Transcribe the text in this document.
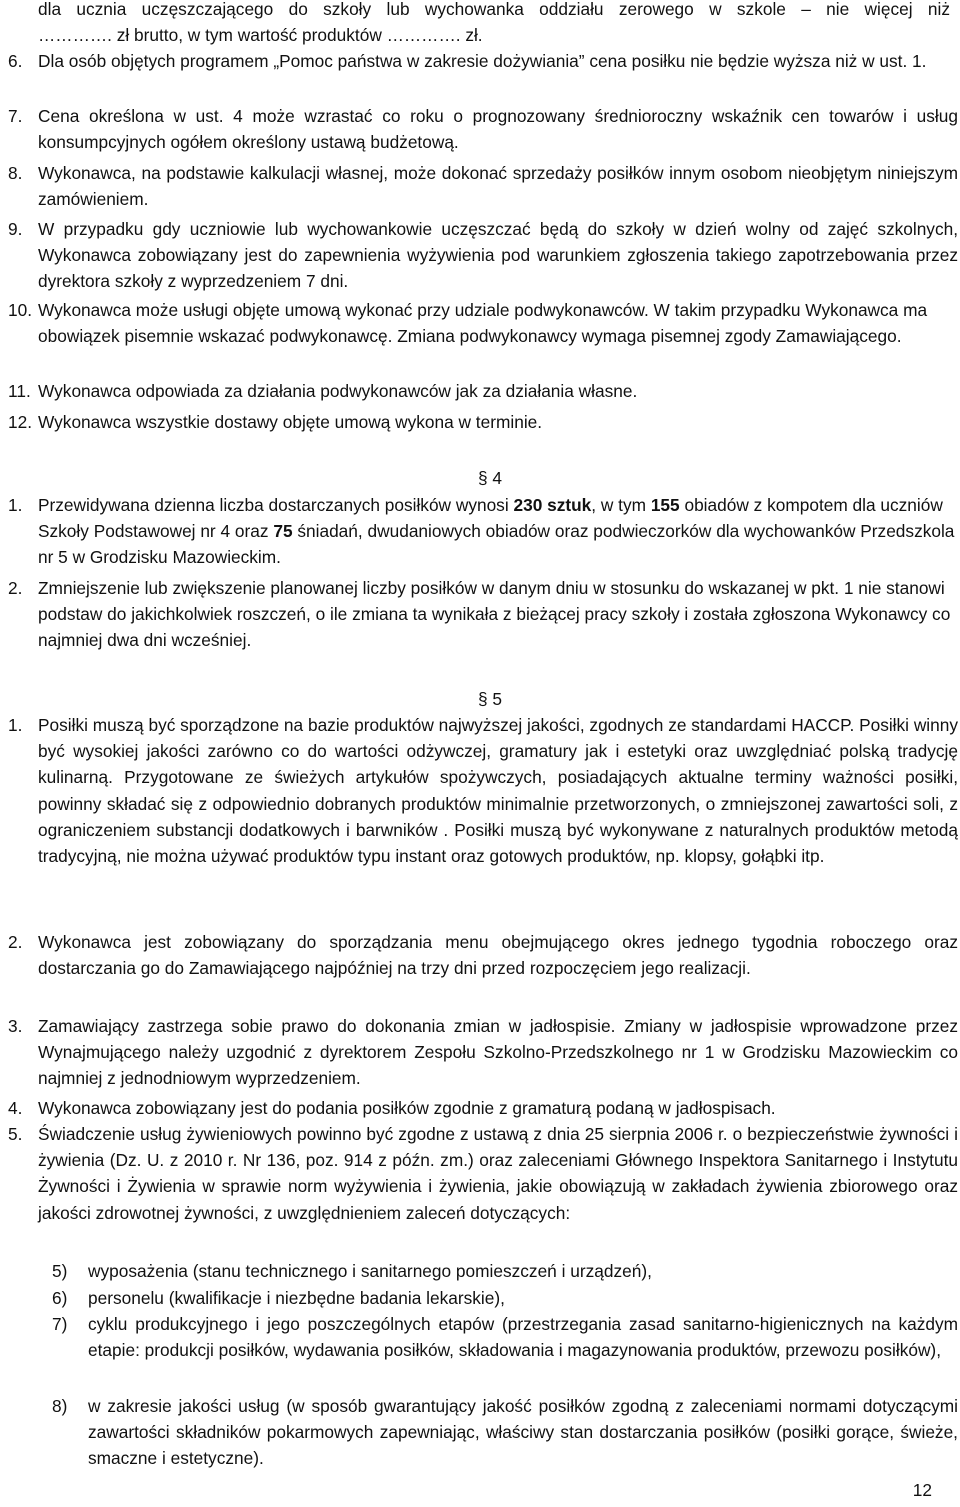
dla ucznia uczęszczającego do szkoły lub wychowanka oddziału zerowego w szkole – nie więcej niż
…………. zł brutto, w tym wartość produktów …………. zł.
6. Dla osób objętych programem „Pomoc państwa w zakresie dożywiania” cena posiłku nie będzie wyższa niż w ust. 1.
7. Cena określona w ust. 4 może wzrastać co roku o prognozowany średnioroczny wskaźnik cen towarów i usług konsumpcyjnych ogółem określony ustawą budżetową.
8. Wykonawca, na podstawie kalkulacji własnej, może dokonać sprzedaży posiłków innym osobom nieobjętym niniejszym zamówieniem.
9. W przypadku gdy uczniowie lub wychowankowie uczęszczać będą do szkoły w dzień wolny od zajęć szkolnych, Wykonawca zobowiązany jest do zapewnienia wyżywienia pod warunkiem zgłoszenia takiego zapotrzebowania przez dyrektora szkoły z wyprzedzeniem 7 dni.
10. Wykonawca może usługi objęte umową wykonać przy udziale podwykonawców. W takim przypadku Wykonawca ma obowiązek pisemnie wskazać podwykonawcę. Zmiana podwykonawcy wymaga pisemnej zgody Zamawiającego.
11. Wykonawca odpowiada za działania podwykonawców jak za działania własne.
12. Wykonawca wszystkie dostawy objęte umową wykona w terminie.
§ 4
1. Przewidywana dzienna liczba dostarczanych posiłków wynosi 230 sztuk, w tym 155 obiadów z kompotem dla uczniów Szkoły Podstawowej nr 4 oraz 75 śniadań, dwudaniowych obiadów oraz podwieczorków dla wychowanków Przedszkola nr 5 w Grodzisku Mazowieckim.
2. Zmniejszenie lub zwiększenie planowanej liczby posiłków w danym dniu w stosunku do wskazanej w pkt. 1 nie stanowi podstaw do jakichkolwiek roszczeń, o ile zmiana ta wynikała z bieżącej pracy szkoły i została zgłoszona Wykonawcy co najmniej dwa dni wcześniej.
§ 5
1. Posiłki muszą być sporządzone na bazie produktów najwyższej jakości, zgodnych ze standardami HACCP. Posiłki winny być wysokiej jakości zarówno co do wartości odżywczej, gramatury jak i estetyki oraz uwzględniać polską tradycję kulinarną. Przygotowane ze świeżych artykułów spożywczych, posiadających aktualne terminy ważności posiłki, powinny składać się z odpowiednio dobranych produktów minimalnie przetworzonych, o zmniejszonej zawartości soli, z ograniczeniem substancji dodatkowych i barwników . Posiłki muszą być wykonywane z naturalnych produktów metodą tradycyjną, nie można używać produktów typu instant oraz gotowych produktów, np. klopsy, gołąbki itp.
2. Wykonawca jest zobowiązany do sporządzania menu obejmującego okres jednego tygodnia roboczego oraz dostarczania go do Zamawiającego najpóźniej na trzy dni przed rozpoczęciem jego realizacji.
3. Zamawiający zastrzega sobie prawo do dokonania zmian w jadłospisie. Zmiany w jadłospisie wprowadzone przez Wynajmującego należy uzgodnić z dyrektorem Zespołu Szkolno-Przedszkolnego nr 1 w Grodzisku Mazowieckim co najmniej z jednodniowym wyprzedzeniem.
4. Wykonawca zobowiązany jest do podania posiłków zgodnie z gramaturą podaną w jadłospisach.
5. Świadczenie usług żywieniowych powinno być zgodne z ustawą z dnia 25 sierpnia 2006 r. o bezpieczeństwie żywności i żywienia (Dz. U. z 2010 r. Nr 136, poz. 914 z późn. zm.) oraz zaleceniami Głównego Inspektora Sanitarnego i Instytutu Żywności i Żywienia w sprawie norm wyżywienia i żywienia, jakie obowiązują w zakładach żywienia zbiorowego oraz jakości zdrowotnej żywności, z uwzględnieniem zaleceń dotyczących:
5) wyposażenia (stanu technicznego i sanitarnego pomieszczeń i urządzeń),
6) personelu (kwalifikacje i niezbędne badania lekarskie),
7) cyklu produkcyjnego i jego poszczególnych etapów (przestrzegania zasad sanitarno-higienicznych na każdym etapie: produkcji posiłków, wydawania posiłków, składowania i magazynowania produktów, przewozu posiłków),
8) w zakresie jakości usług (w sposób gwarantujący jakość posiłków zgodną z zaleceniami normami dotyczącymi zawartości składników pokarmowych zapewniając, właściwy stan dostarczania posiłków (posiłki gorące, świeże, smaczne i estetyczne).
12
